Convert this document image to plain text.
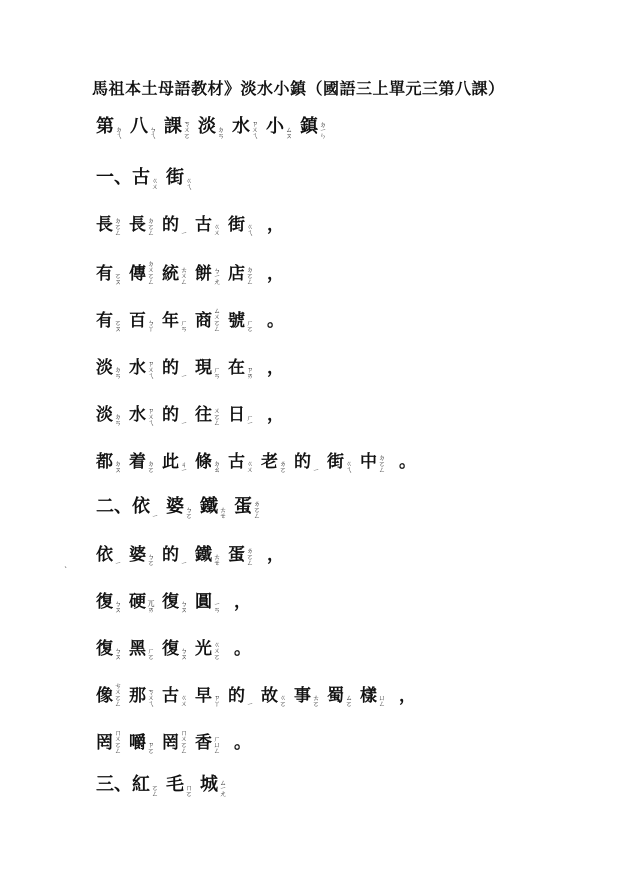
馬祖本土母語教材》淡水小鎮（國語三上單元三第八課）
第 ㄉㄟ 八 ㄅㄟ 課 ㄎㄨㄛ 淡 ㄉㄢ 水 ㄗㄨㄟ 小 ㄙㄡ 鎮 ㄉㄧㄣ
一、古 ㄍㄨ 街 ㄍㄟ
長 ㄉㄛㄥ 長 ㄉㄛㄥ 的 ㄧ 古 ㄍㄨ 街 ㄍㄟ ，
有 ㄛㄡ 傳 ㄉㄨㄛㄥ 統 ㄊㄨㄥ 餅 ㄅㄧㄤ 店 ㄉㄛㄥ ，
有 ㄛㄡ 百 ㄅㄚ 年 ㄏㄢ 商 ㄙㄨㄛㄥ 號 ㄏㄛ 。
淡 ㄉㄢ 水 ㄗㄨㄟ 的 ㄧ 現 ㄏㄢ 在 ㄗㄞ ，
淡 ㄉㄢ 水 ㄗㄨㄟ 的 ㄧ 往 ㄨㄛㄥ 日 ㄏㄧ ，
都 ㄉㄡ 着 ㄉㄛ 此 ㄐㄧ 條 ㄉㄠ 古 ㄍㄨ 老 ㄌㄛ 的 ㄧ 街 ㄍㄟ 中 ㄉㄛㄥ 。
二、依 ㄧ 婆 ㄅㄛ 鐵 ㄊㄝ 蛋 ㄌㄛㄥ
依 ㄧ 婆 ㄅㄛ 的 ㄧ 鐵 ㄊㄝ 蛋 ㄌㄛㄥ ，
復 ㄅㄡ 硬 ㄫㄞ 復 ㄅㄡ 圓 ㄧㄢ ，
復 ㄅㄡ 黑 ㄏㄛ 復 ㄅㄡ 光 ㄍㄨㄛ 。
像 ㄘㄨㄛㄥ 那 ㄎㄨㄟ 古 ㄍㄨ 早 ㄗㄚ 的 ㄧ 故 ㄍㄛ 事 ㄊㄛ 蜀 ㄙㄛ 樣 ㄩㄥ ，
罔 ㄇㄨㄛㄥ 嚼 ㄗㄛ 罔 ㄇㄨㄛㄥ 香 ㄏㄩㄥ 。
三、紅 ㄛㄥ 毛 ㄇㄛ 城 ㄙㄧㄤ
`
